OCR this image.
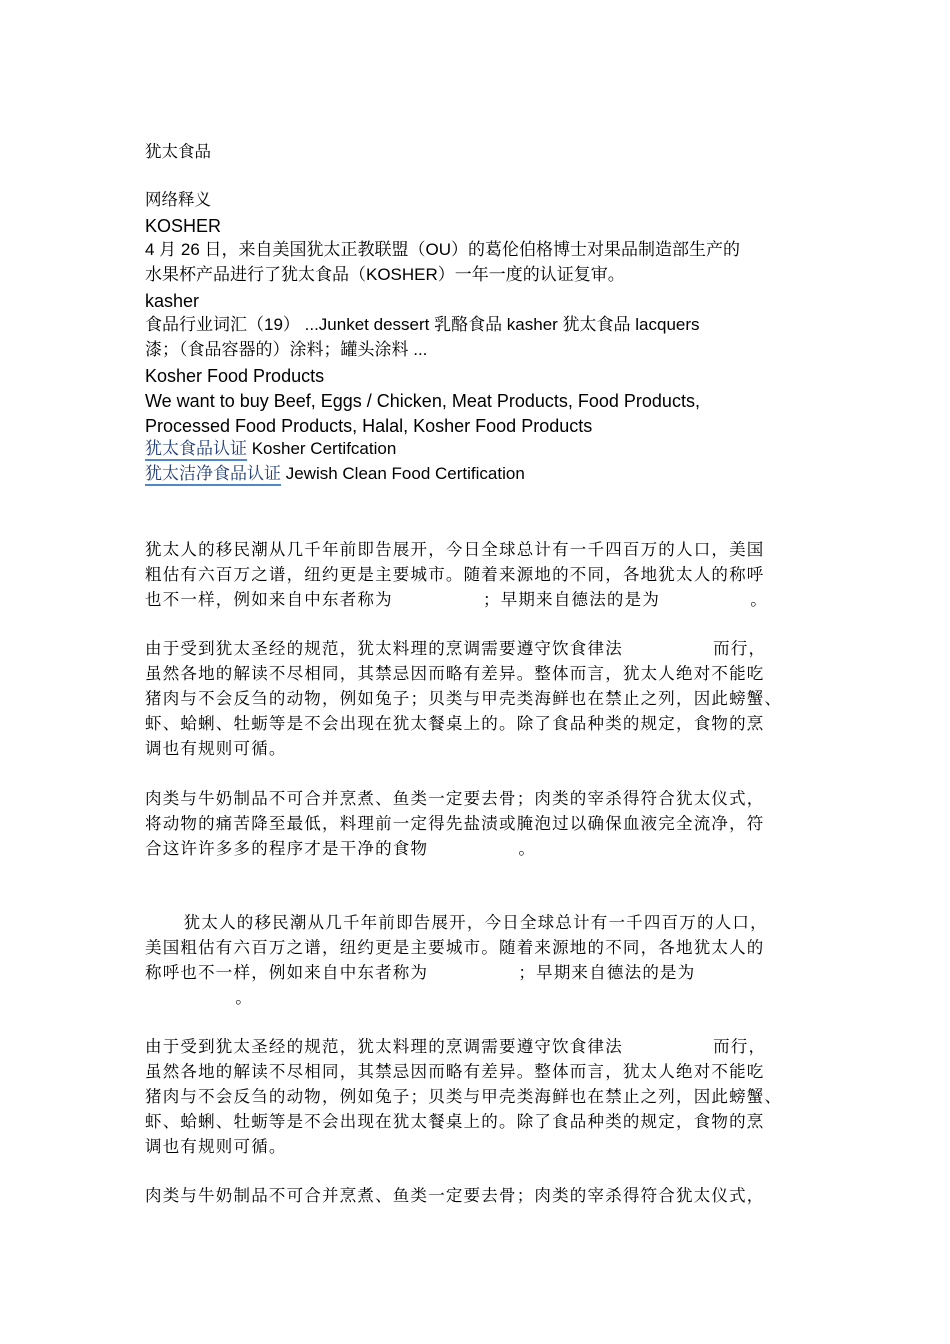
犹太食品
网络释义
KOSHER
4 月 26 日，来自美国犹太正教联盟（OU）的葛伦伯格博士对果品制造部生产的
水果杯产品进行了犹太食品（KOSHER）一年一度的认证复审。
kasher
食品行业词汇（19） ...Junket dessert 乳酪食品 kasher 犹太食品 lacquers
漆；（食品容器的）涂料；罐头涂料 ...
Kosher Food Products
We want to buy Beef, Eggs / Chicken, Meat Products, Food Products,
Processed Food Products, Halal, Kosher Food Products
犹太食品认证 Kosher Certifcation
犹太洁净食品认证 Jewish Clean Food Certification
犹太人的移民潮从几千年前即告展开，今日全球总计有一千四百万的人口，美国
粗估有六百万之谱，纽约更是主要城市。随着来源地的不同，各地犹太人的称呼
也不一样，例如来自中东者称为              ；早期来自德法的是为              。
由于受到犹太圣经的规范，犹太料理的烹调需要遵守饮食律法              而行，
虽然各地的解读不尽相同，其禁忌因而略有差异。整体而言，犹太人绝对不能吃
猪肉与不会反刍的动物，例如兔子；贝类与甲壳类海鲜也在禁止之列，因此螃蟹、
虾、蛤蜊、牡蛎等是不会出现在犹太餐桌上的。除了食品种类的规定，食物的烹
调也有规则可循。
肉类与牛奶制品不可合并烹煮、鱼类一定要去骨；肉类的宰杀得符合犹太仪式，
将动物的痛苦降至最低，料理前一定得先盐渍或腌泡过以确保血液完全流净，符
合这许许多多的程序才是干净的食物              。
犹太人的移民潮从几千年前即告展开，今日全球总计有一千四百万的人口，
美国粗估有六百万之谱，纽约更是主要城市。随着来源地的不同，各地犹太人的
称呼也不一样，例如来自中东者称为              ；早期来自德法的是为
。
由于受到犹太圣经的规范，犹太料理的烹调需要遵守饮食律法              而行，
虽然各地的解读不尽相同，其禁忌因而略有差异。整体而言，犹太人绝对不能吃
猪肉与不会反刍的动物，例如兔子；贝类与甲壳类海鲜也在禁止之列，因此螃蟹、
虾、蛤蜊、牡蛎等是不会出现在犹太餐桌上的。除了食品种类的规定，食物的烹
调也有规则可循。
肉类与牛奶制品不可合并烹煮、鱼类一定要去骨；肉类的宰杀得符合犹太仪式，
